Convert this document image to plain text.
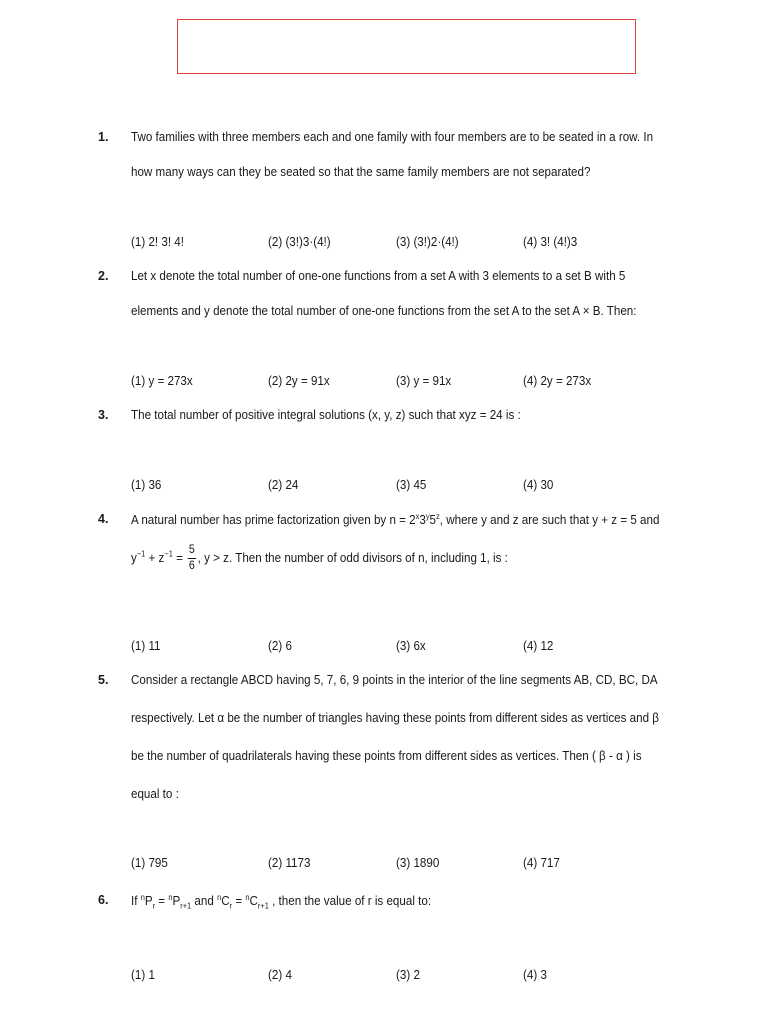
1. Two families with three members each and one family with four members are to be seated in a row. In
how many ways can they be seated so that the same family members are not separated?
(1) 2! 3! 4!	(2) (3!)3·(4!)	(3) (3!)2·(4!)	(4) 3! (4!)3
2. Let x denote the total number of one-one functions from a set A with 3 elements to a set B with 5
elements and y denote the total number of one-one functions from the set A to the set A × B. Then:
(1) y = 273x	(2) 2y = 91x	(3) y = 91x	(4) 2y = 273x
3. The total number of positive integral solutions (x, y, z) such that xyz = 24 is :
(1) 36	(2) 24	(3) 45	(4) 30
4. A natural number has prime factorization given by $n = 2^x3^y5^z$, where y and z are such that y + z = 5 and
$y^{-1} + z^{-1} = \frac{5}{6}$ , y > z. Then the number of odd divisors of n, including 1, is :
(1) 11	(2) 6	(3) 6x	(4) 12
5. Consider a rectangle ABCD having 5, 7, 6, 9 points in the interior of the line segments AB, CD, BC, DA
respectively. Let α be the number of triangles having these points from different sides as vertices and β
be the number of quadrilaterals having these points from different sides as vertices. Then ( β - α ) is
equal to :
(1) 795	(2) 1173	(3) 1890	(4) 717
6. If $^nP_r = ^nP_{r+1}$ and $^nC_r = ^nC_{r+1}$ , then the value of r is equal to:
(1) 1	(2) 4	(3) 2	(4) 3
